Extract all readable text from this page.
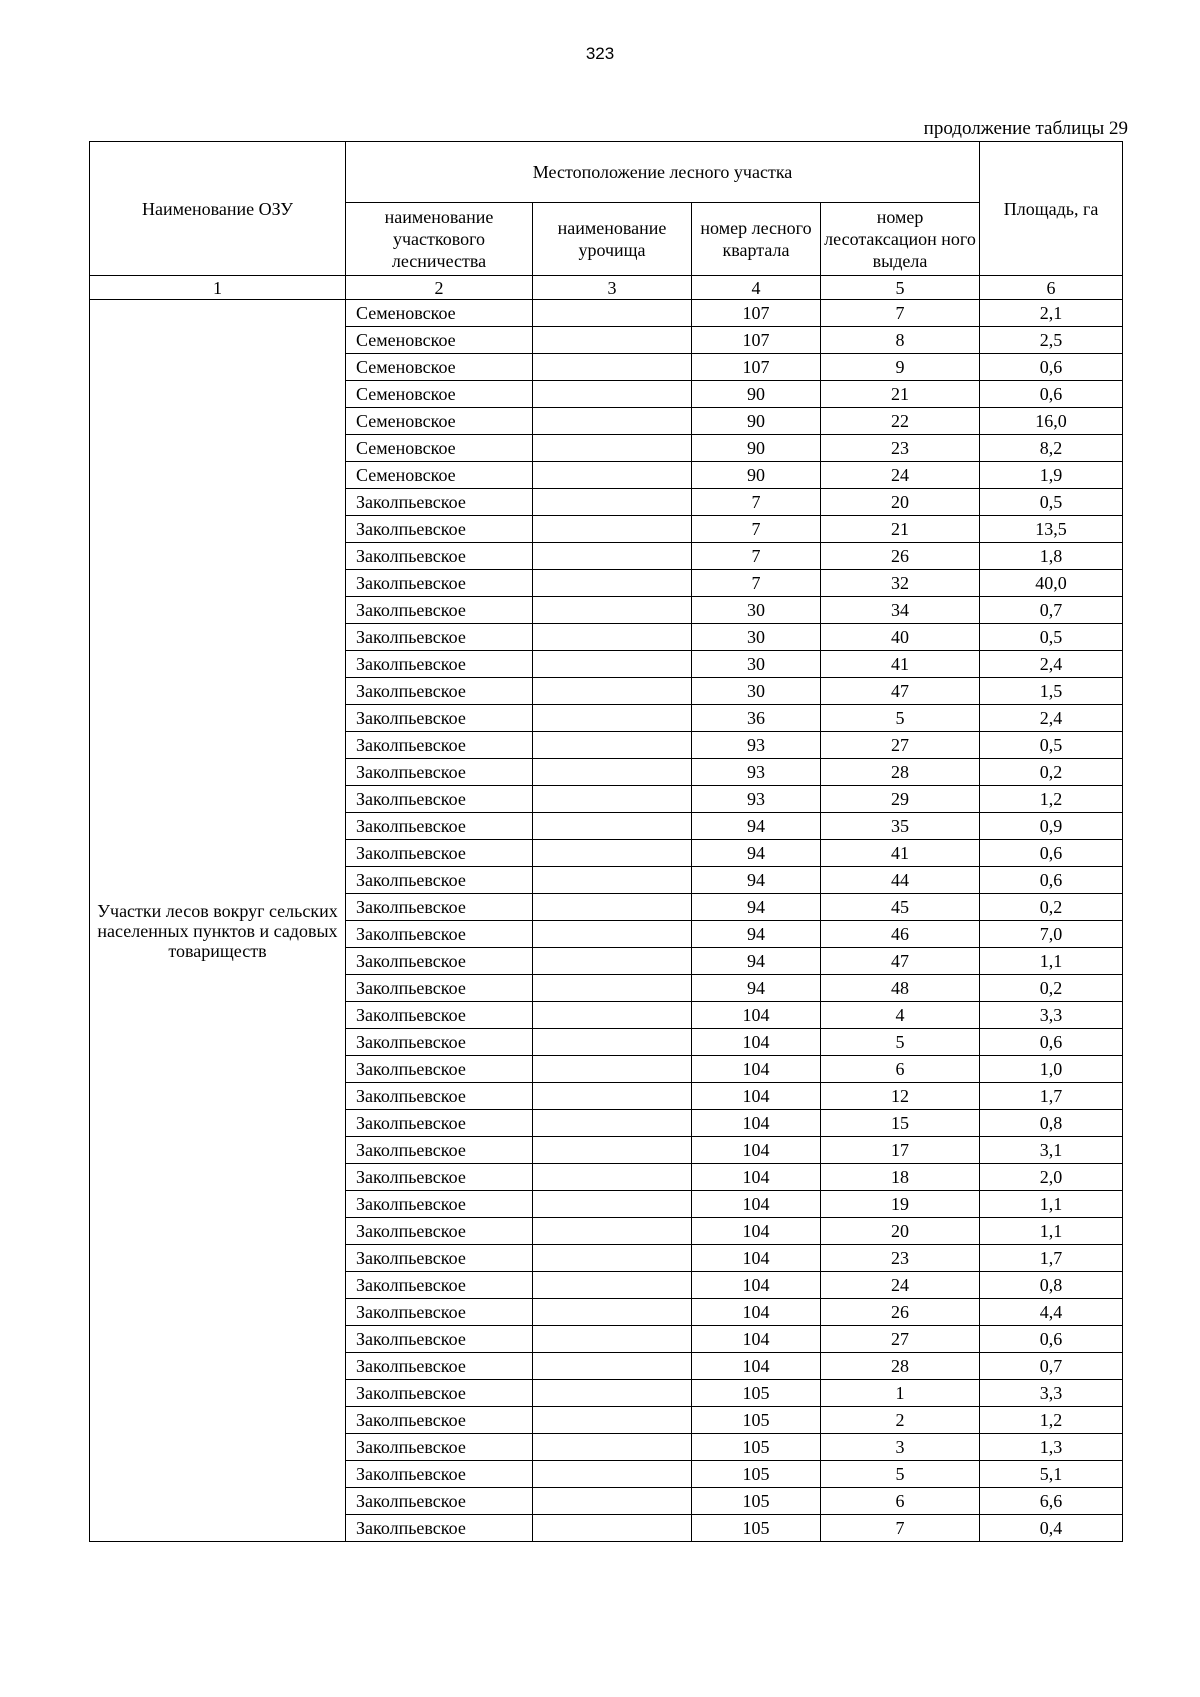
323
продолжение таблицы 29
Наименование ОЗУ	Местоположение лесного участка				Площадь, га
	наименование участкового лесничества	наименование урочища	номер лесного квартала	номер лесотаксацион ного выдела	
1	2	3	4	5	6

Участки лесов вокруг сельских населенных пунктов и садовых товариществ	Семеновское		107	7	2,1
	Семеновское		107	8	2,5
	Семеновское		107	9	0,6
	Семеновское		90	21	0,6
	Семеновское		90	22	16,0
	Семеновское		90	23	8,2
	Семеновское		90	24	1,9
	Заколпьевское		7	20	0,5
	Заколпьевское		7	21	13,5
	Заколпьевское		7	26	1,8
	Заколпьевское		7	32	40,0
	Заколпьевское		30	34	0,7
	Заколпьевское		30	40	0,5
	Заколпьевское		30	41	2,4
	Заколпьевское		30	47	1,5
	Заколпьевское		36	5	2,4
	Заколпьевское		93	27	0,5
	Заколпьевское		93	28	0,2
	Заколпьевское		93	29	1,2
	Заколпьевское		94	35	0,9
	Заколпьевское		94	41	0,6
	Заколпьевское		94	44	0,6
	Заколпьевское		94	45	0,2
	Заколпьевское		94	46	7,0
	Заколпьевское		94	47	1,1
	Заколпьевское		94	48	0,2
	Заколпьевское		104	4	3,3
	Заколпьевское		104	5	0,6
	Заколпьевское		104	6	1,0
	Заколпьевское		104	12	1,7
	Заколпьевское		104	15	0,8
	Заколпьевское		104	17	3,1
	Заколпьевское		104	18	2,0
	Заколпьевское		104	19	1,1
	Заколпьевское		104	20	1,1
	Заколпьевское		104	23	1,7
	Заколпьевское		104	24	0,8
	Заколпьевское		104	26	4,4
	Заколпьевское		104	27	0,6
	Заколпьевское		104	28	0,7
	Заколпьевское		105	1	3,3
	Заколпьевское		105	2	1,2
	Заколпьевское		105	3	1,3
	Заколпьевское		105	5	5,1
	Заколпьевское		105	6	6,6
	Заколпьевское		105	7	0,4
